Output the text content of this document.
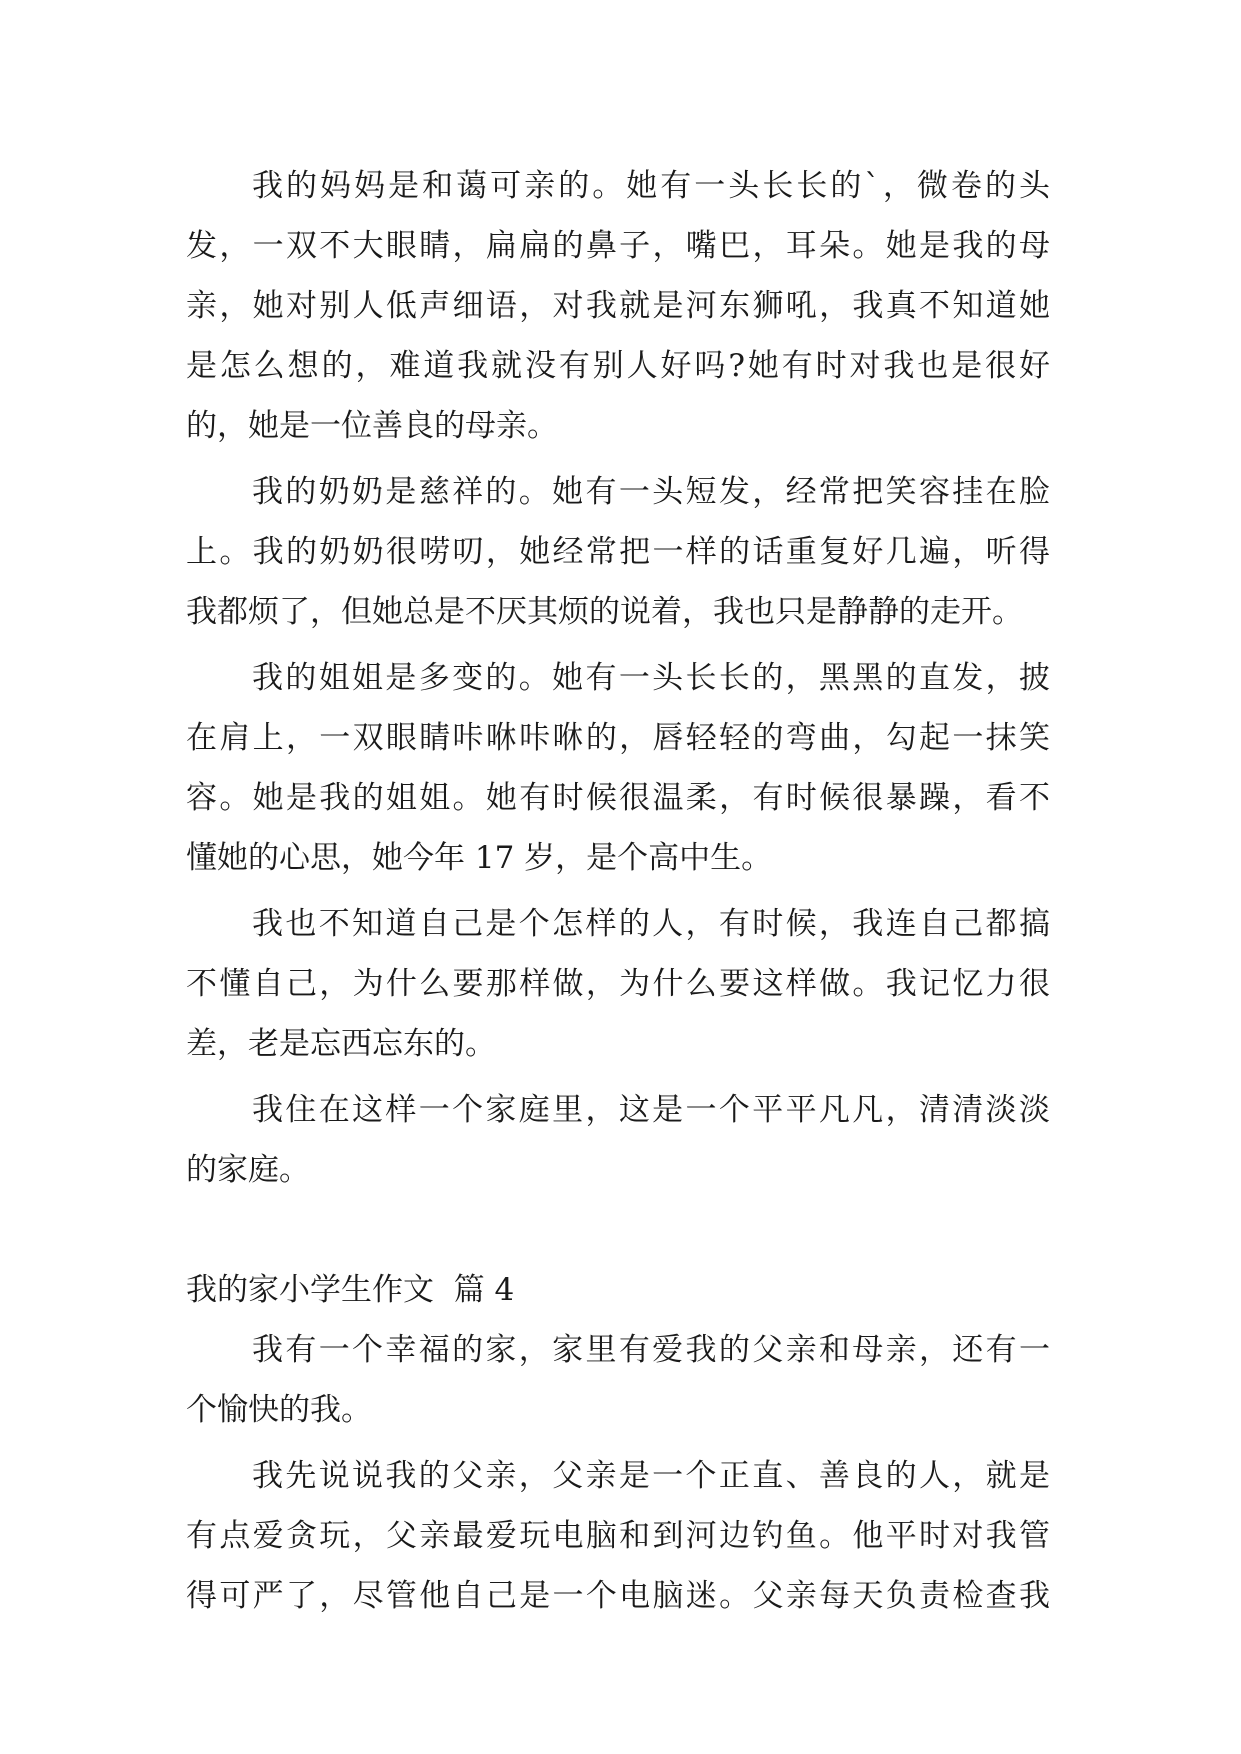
我的妈妈是和蔼可亲的。她有一头长长的`，微卷的头
发，一双不大眼睛，扁扁的鼻子，嘴巴，耳朵。她是我的母
亲，她对别人低声细语，对我就是河东狮吼，我真不知道她
是怎么想的，难道我就没有别人好吗?她有时对我也是很好
的，她是一位善良的母亲。
我的奶奶是慈祥的。她有一头短发，经常把笑容挂在脸
上。我的奶奶很唠叨，她经常把一样的话重复好几遍，听得
我都烦了，但她总是不厌其烦的说着，我也只是静静的走开。
我的姐姐是多变的。她有一头长长的，黑黑的直发，披
在肩上，一双眼睛咔咻咔咻的，唇轻轻的弯曲，勾起一抹笑
容。她是我的姐姐。她有时候很温柔，有时候很暴躁，看不
懂她的心思，她今年 17 岁，是个高中生。
我也不知道自己是个怎样的人，有时候，我连自己都搞
不懂自己，为什么要那样做，为什么要这样做。我记忆力很
差，老是忘西忘东的。
我住在这样一个家庭里，这是一个平平凡凡，清清淡淡
的家庭。
我的家小学生作文  篇 4
我有一个幸福的家，家里有爱我的父亲和母亲，还有一
个愉快的我。
我先说说我的父亲，父亲是一个正直、善良的人，就是
有点爱贪玩，父亲最爱玩电脑和到河边钓鱼。他平时对我管
得可严了，尽管他自己是一个电脑迷。父亲每天负责检查我
